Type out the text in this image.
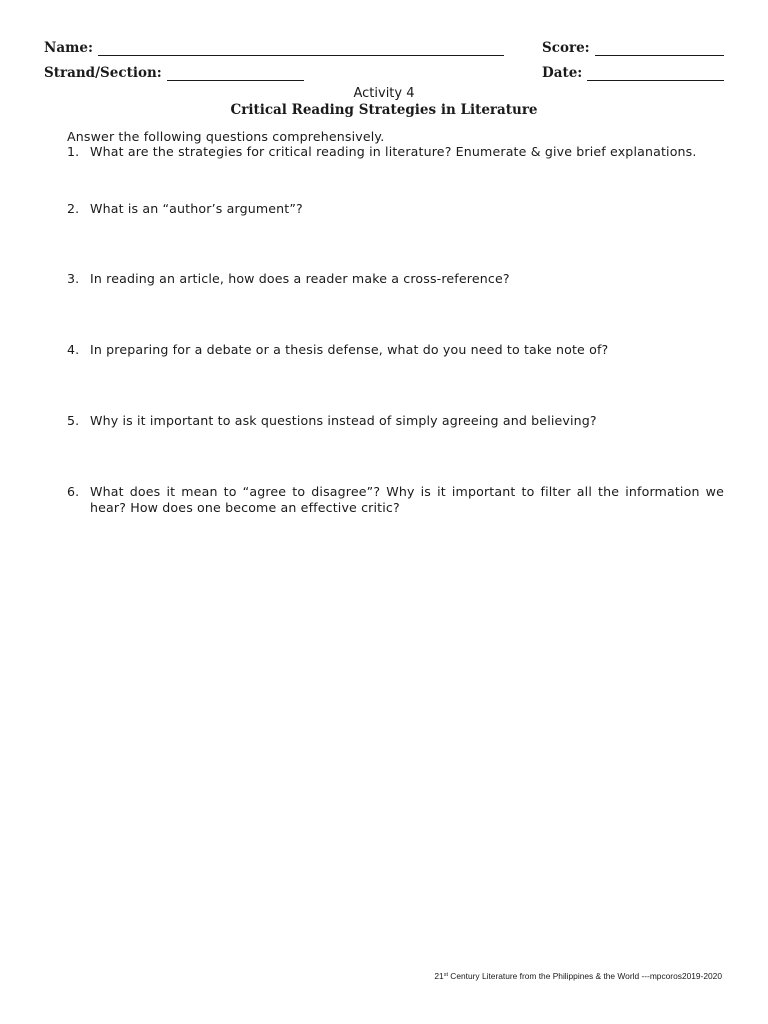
Name:	Score:
Strand/Section:	Date:
Activity 4
Critical Reading Strategies in Literature
Answer the following questions comprehensively.
1. What are the strategies for critical reading in literature? Enumerate & give brief explanations.
2. What is an “author’s argument”?
3. In reading an article, how does a reader make a cross-reference?
4. In preparing for a debate or a thesis defense, what do you need to take note of?
5. Why is it important to ask questions instead of simply agreeing and believing?
6. What does it mean to “agree to disagree”? Why is it important to filter all the information we hear? How does one become an effective critic?
21st Century Literature from the Philippines & the World ---mpcoros2019-2020
